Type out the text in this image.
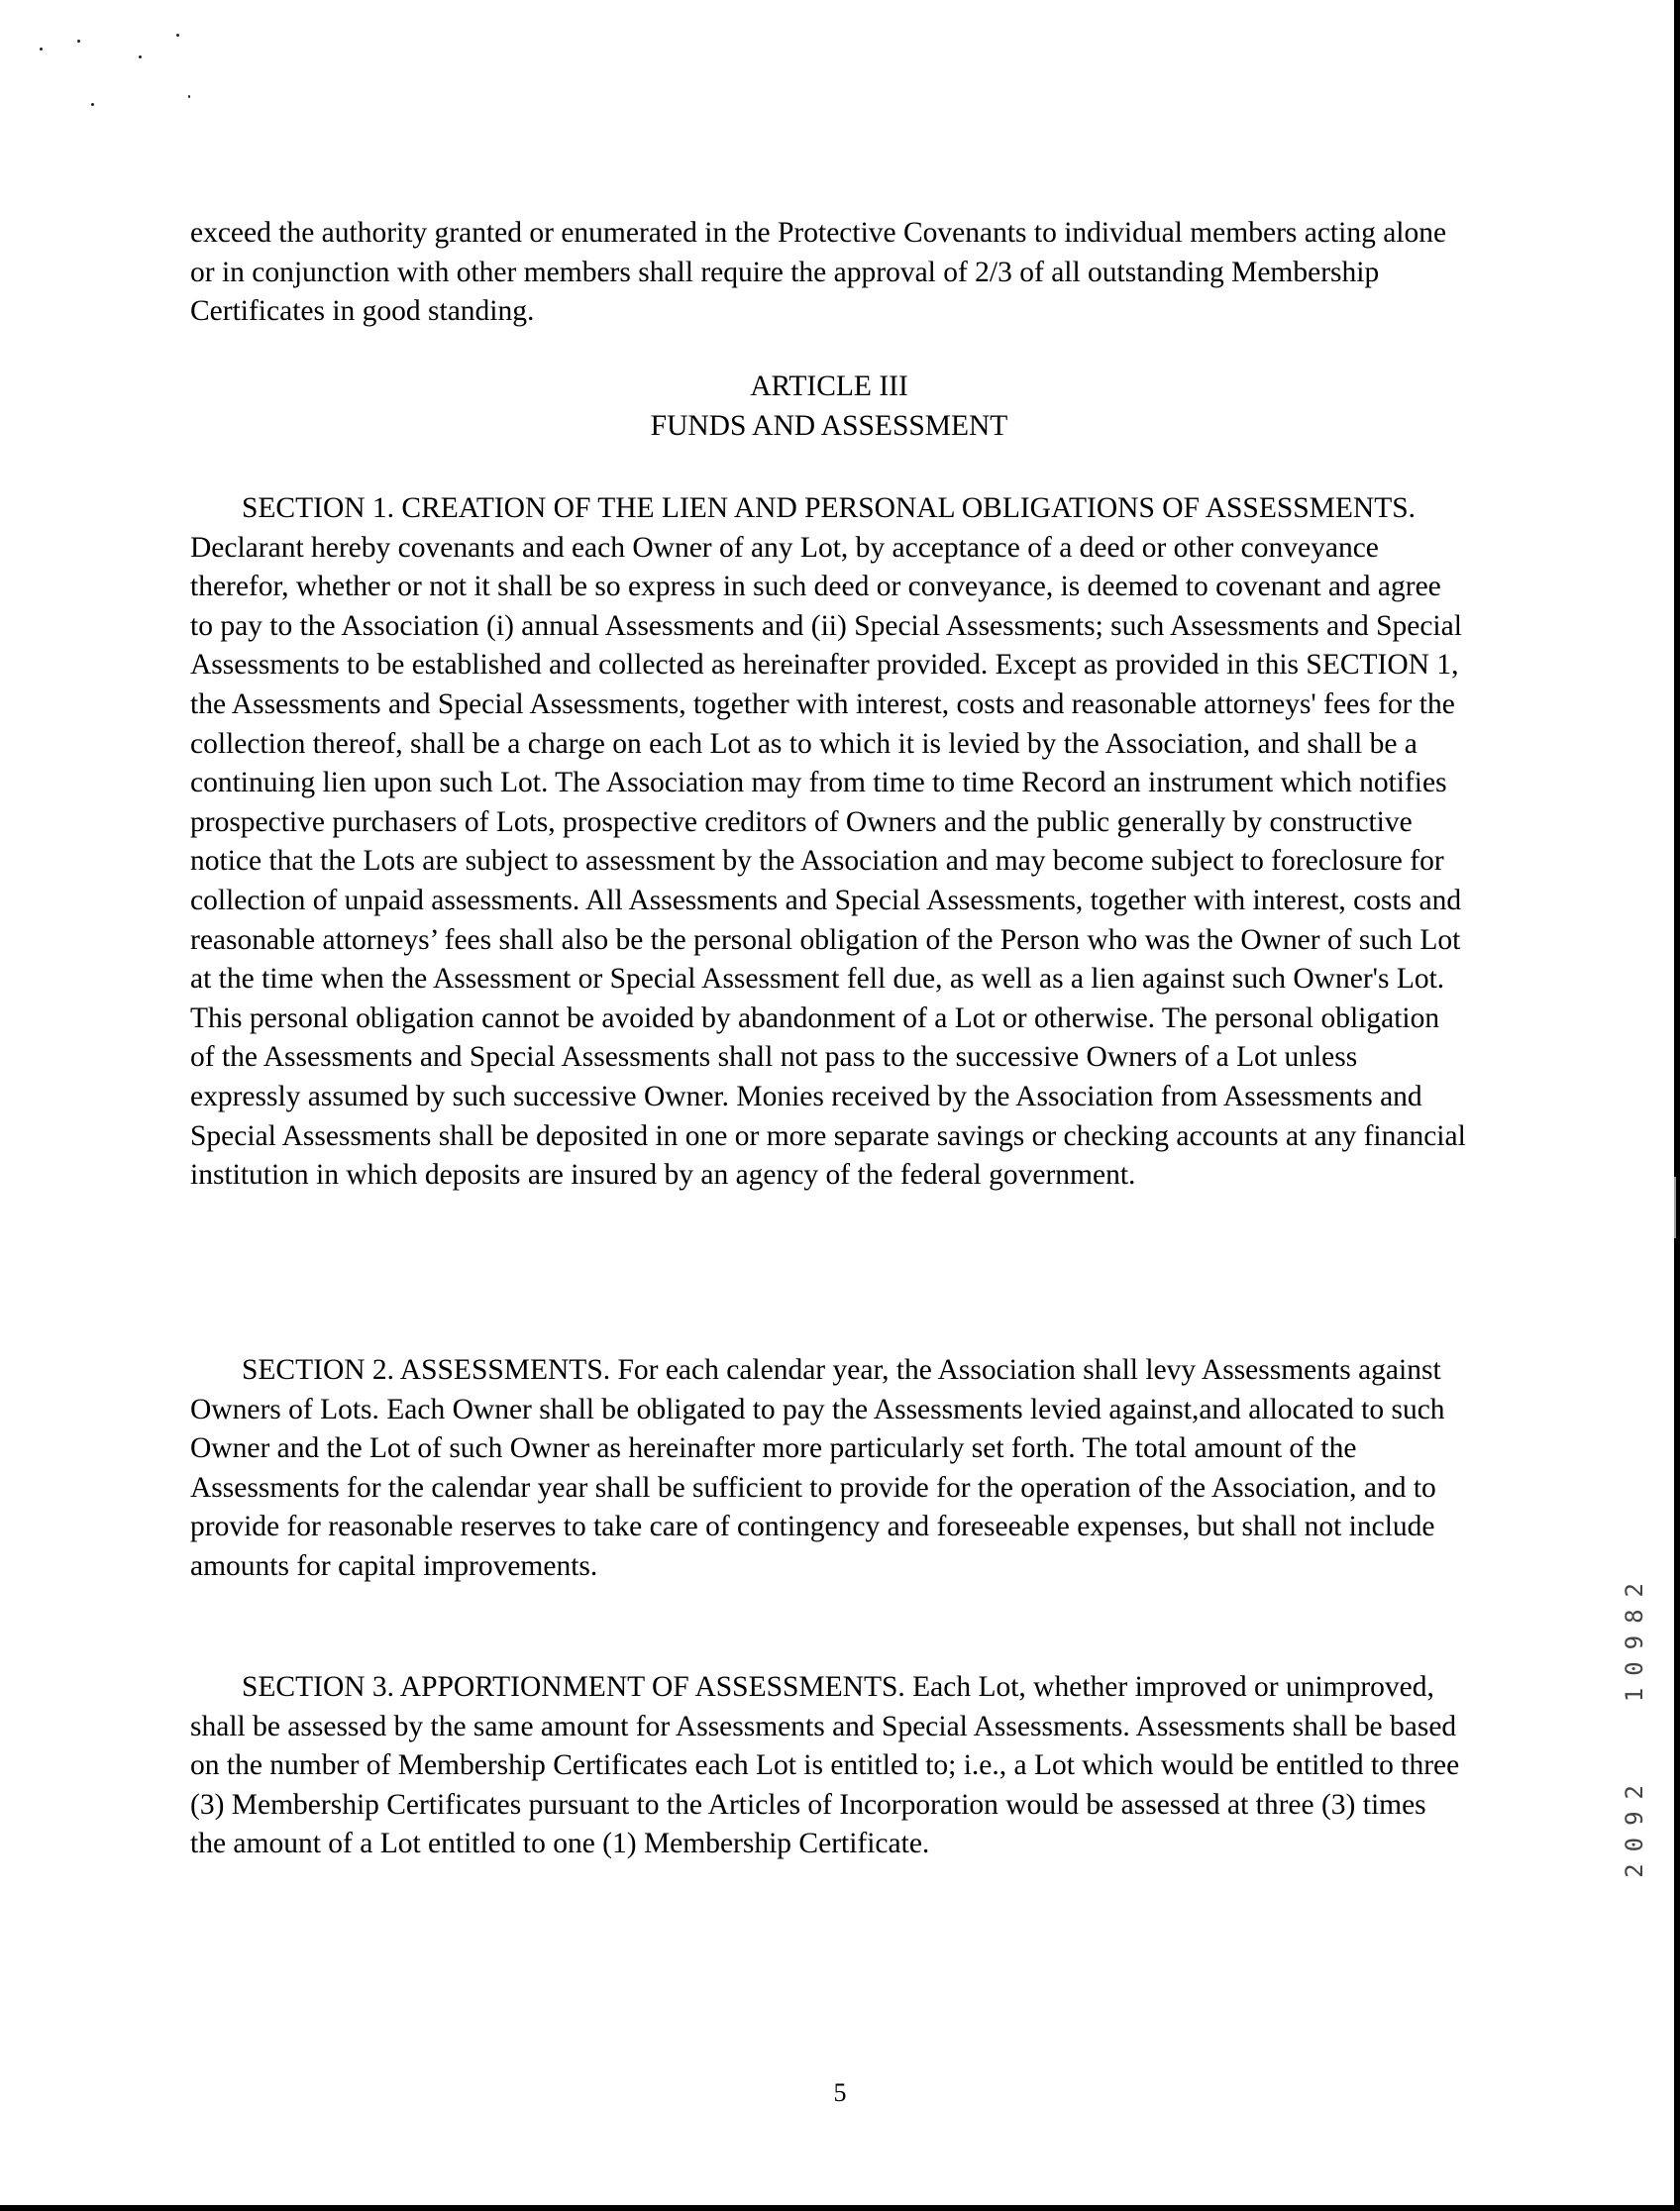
exceed the authority granted or enumerated in the Protective Covenants to individual members acting alone or in conjunction with other members shall require the approval of 2/3 of all outstanding Membership Certificates in good standing.

ARTICLE III

FUNDS AND ASSESSMENT

SECTION 1. CREATION OF THE LIEN AND PERSONAL OBLIGATIONS OF ASSESSMENTS. Declarant hereby covenants and each Owner of any Lot, by acceptance of a deed or other conveyance therefor, whether or not it shall be so express in such deed or conveyance, is deemed to covenant and agree to pay to the Association (i) annual Assessments and (ii) Special Assessments; such Assessments and Special Assessments to be established and collected as hereinafter provided. Except as provided in this SECTION 1, the Assessments and Special Assessments, together with interest, costs and reasonable attorneys' fees for the collection thereof, shall be a charge on each Lot as to which it is levied by the Association, and shall be a continuing lien upon such Lot. The Association may from time to time Record an instrument which notifies prospective purchasers of Lots, prospective creditors of Owners and the public generally by constructive notice that the Lots are subject to assessment by the Association and may become subject to foreclosure for collection of unpaid assessments. All Assessments and Special Assessments, together with interest, costs and reasonable attorneys’ fees shall also be the personal obligation of the Person who was the Owner of such Lot at the time when the Assessment or Special Assessment fell due, as well as a lien against such Owner's Lot. This personal obligation cannot be avoided by abandonment of a Lot or otherwise. The personal obligation of the Assessments and Special Assessments shall not pass to the successive Owners of a Lot unless expressly assumed by such successive Owner. Monies received by the Association from Assessments and Special Assessments shall be deposited in one or more separate savings or checking accounts at any financial institution in which deposits are insured by an agency of the federal government.

SECTION 2. ASSESSMENTS. For each calendar year, the Association shall levy Assessments against Owners of Lots. Each Owner shall be obligated to pay the Assessments levied against,and allocated to such Owner and the Lot of such Owner as hereinafter more particularly set forth. The total amount of the Assessments for the calendar year shall be sufficient to provide for the operation of the Association, and to provide for reasonable reserves to take care of contingency and foreseeable expenses, but shall not include amounts for capital improvements.

SECTION 3. APPORTIONMENT OF ASSESSMENTS. Each Lot, whether improved or unimproved, shall be assessed by the same amount for Assessments and Special Assessments. Assessments shall be based on the number of Membership Certificates each Lot is entitled to; i.e., a Lot which would be entitled to three (3) Membership Certificates pursuant to the Articles of Incorporation would be assessed at three (3) times the amount of a Lot entitled to one (1) Membership Certificate.

5

10982
2092
